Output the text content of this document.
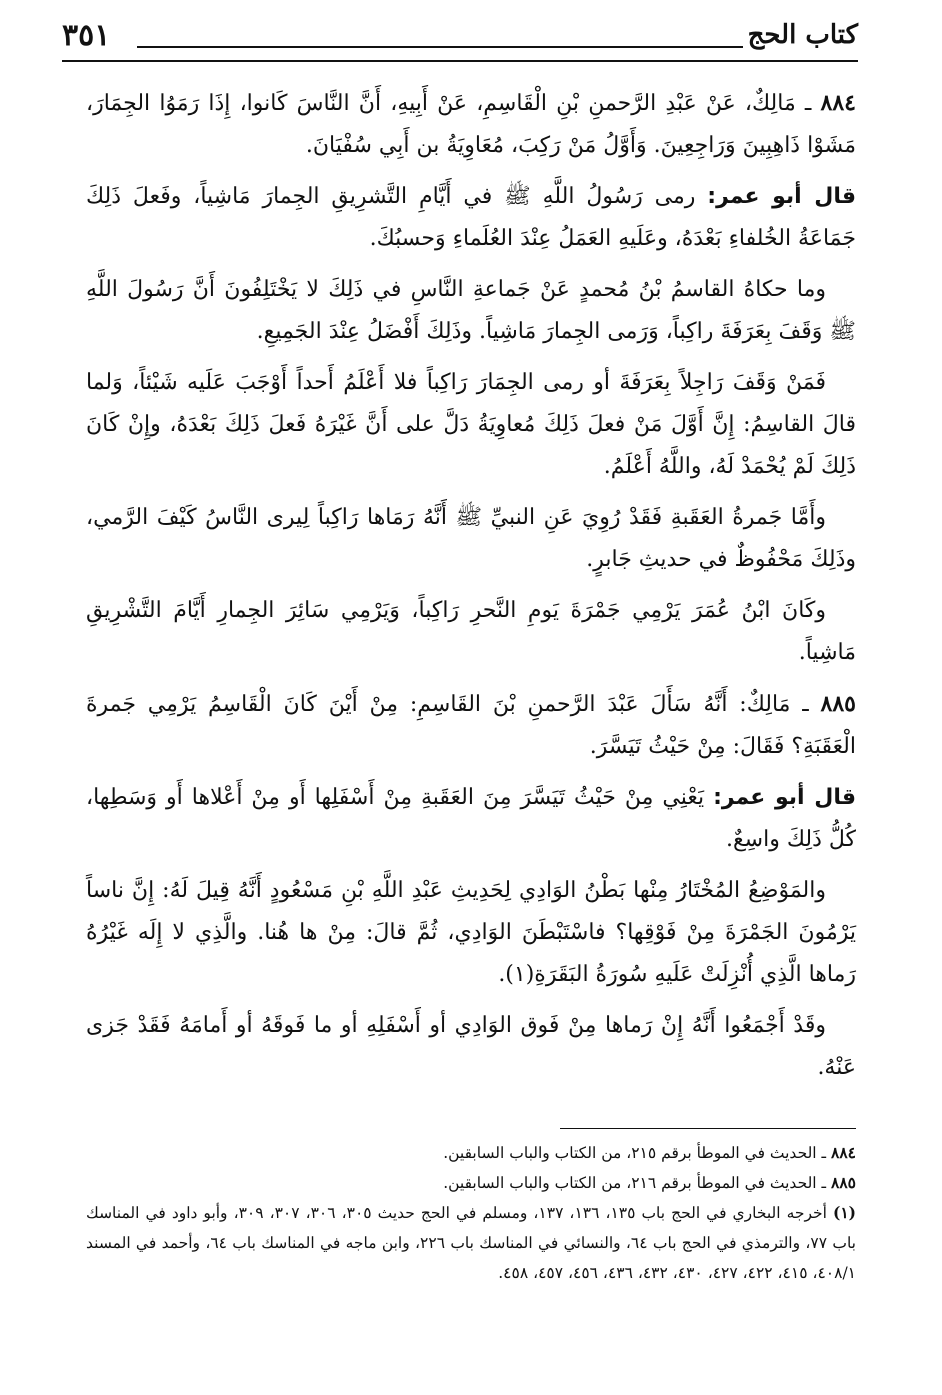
كتاب الحج
٣٥١

٨٨٤ ـ مَالِكٌ، عَنْ عَبْدِ الرَّحمنِ بْنِ الْقَاسِمِ، عَنْ أَبِيهِ، أَنَّ النَّاسَ كَانوا، إِذَا رَمَوُا الجِمَارَ، مَشَوْا ذَاهِبِينَ وَرَاجِعِينَ. وَأَوَّلُ مَنْ رَكِبَ، مُعَاوِيَةُ بن أَبِي سُفْيَانَ.

قال أبو عمر: رمى رَسُولُ اللَّهِ ﷺ في أَيَّامِ التَّشرِيقِ الجِمارَ مَاشِياً، وفَعلَ ذَلِكَ جَمَاعَةُ الخُلفاءِ بَعْدَهُ، وعَلَيهِ العَمَلُ عِنْدَ العُلَماءِ وَحسبُكَ.

وما حكاهُ القاسمُ بْنُ مُحمدٍ عَنْ جَماعةِ النَّاسِ في ذَلِكَ لا يَخْتَلِفُونَ أَنَّ رَسُولَ اللَّهِ ﷺ وَقَفَ بِعَرَفَةَ راكِباً، وَرَمى الجِمارَ مَاشِياً. وذَلِكَ أَفْضَلُ عِنْدَ الجَمِيعِ.

فَمَنْ وَقَفَ رَاجِلاً بِعَرَفَةَ أو رمى الجِمَارَ رَاكِباً فلا أَعْلَمُ أَحداً أَوْجَبَ عَلَيه شَيْئاً، وَلما قالَ القاسِمُ: إِنَّ أَوَّلَ مَنْ فعلَ ذَلِكَ مُعاوِيَةُ دَلَّ على أَنَّ غَيْرَهُ فَعلَ ذَلِكَ بَعْدَهُ، وإِنْ كَانَ ذَلِكَ لَمْ يُحْمَدْ لَهُ، واللَّهُ أَعْلَمُ.

وأَمَّا جَمرةُ العَقَبةِ فَقَدْ رُوِيَ عَنِ النبيِّ ﷺ أَنَّهُ رَمَاها رَاكِباً لِيرى النَّاسُ كَيْفَ الرَّمي، وذَلِكَ مَحْفُوظٌ في حديثِ جَابرٍ.

وكَانَ ابْنُ عُمَرَ يَرْمِي جَمْرَةَ يَومِ النَّحرِ رَاكِباً، وَيَرْمِي سَائِرَ الجِمارِ أَيَّامَ التَّشْرِيقِ مَاشِياً.

٨٨٥ ـ مَالِكٌ: أَنَّهُ سَأَلَ عَبْدَ الرَّحمنِ بْنَ القَاسِمِ: مِنْ أَيْنَ كَانَ الْقَاسِمُ يَرْمِي جَمرةَ الْعَقَبَةِ؟ فَقَالَ: مِنْ حَيْثُ تَيَسَّرَ.

قال أبو عمر: يَعْنِي مِنْ حَيْثُ تَيَسَّرَ مِنَ العَقَبةِ مِنْ أَسْفَلِها أَو مِنْ أَعْلاها أَو وَسَطِها، كُلُّ ذَلِكَ واسِعٌ.

والمَوْضِعُ المُخْتَارُ مِنْها بَطْنُ الوَادِي لِحَدِيثِ عَبْدِ اللَّهِ بْنِ مَسْعُودٍ أَنَّهُ قِيلَ لَهُ: إِنَّ ناساً يَرْمُونَ الجَمْرَةَ مِنْ فَوْقِها؟ فاسْتَبْطَنَ الوَادِي، ثُمَّ قالَ: مِنْ ها هُنا. والَّذِي لا إِلَه غَيْرُهُ رَماها الَّذِي أُنْزِلَتْ عَلَيهِ سُورَةُ البَقَرَةِ(١).

وقَدْ أَجْمَعُوا أَنَّهُ إِنْ رَماها مِنْ فَوق الوَادِي أو أَسْفَلِهِ أو ما فَوقَهُ أو أَمامَهُ فَقَدْ جَزى عَنْهُ.

٨٨٤ ـ الحديث في الموطأ برقم ٢١٥، من الكتاب والباب السابقين.

٨٨٥ ـ الحديث في الموطأ برقم ٢١٦، من الكتاب والباب السابقين.

(١) أخرجه البخاري في الحج باب ١٣٥، ١٣٦، ١٣٧، ومسلم في الحج حديث ٣٠٥، ٣٠٦، ٣٠٧، ٣٠٩، وأبو داود في المناسك باب ٧٧، والترمذي في الحج باب ٦٤، والنسائي في المناسك باب ٢٢٦، وابن ماجه في المناسك باب ٦٤، وأحمد في المسند ٤٠٨/١، ٤١٥، ٤٢٢، ٤٢٧، ٤٣٠، ٤٣٢، ٤٣٦، ٤٥٦، ٤٥٧، ٤٥٨.
